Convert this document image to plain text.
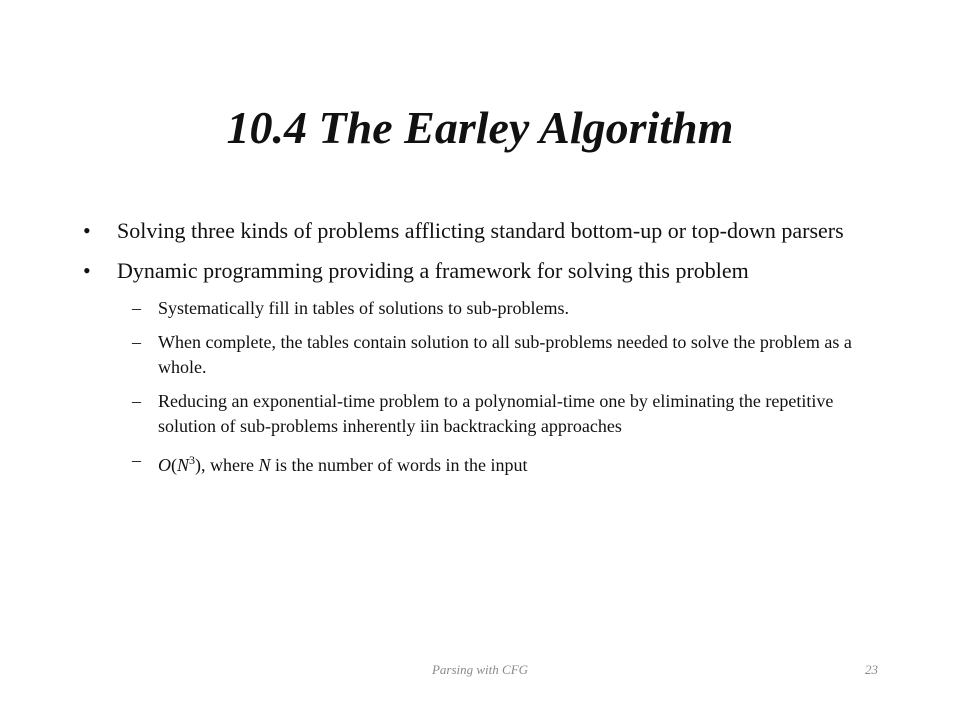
10.4 The Earley Algorithm
• Solving three kinds of problems afflicting standard bottom-up or top-down parsers
• Dynamic programming providing a framework for solving this problem
– Systematically fill in tables of solutions to sub-problems.
– When complete, the tables contain solution to all sub-problems needed to solve the problem as a whole.
– Reducing an exponential-time problem to a polynomial-time one by eliminating the repetitive solution of sub-problems inherently iin backtracking approaches
– $O(N^3)$, where N is the number of words in the input
Parsing with CFG	23
